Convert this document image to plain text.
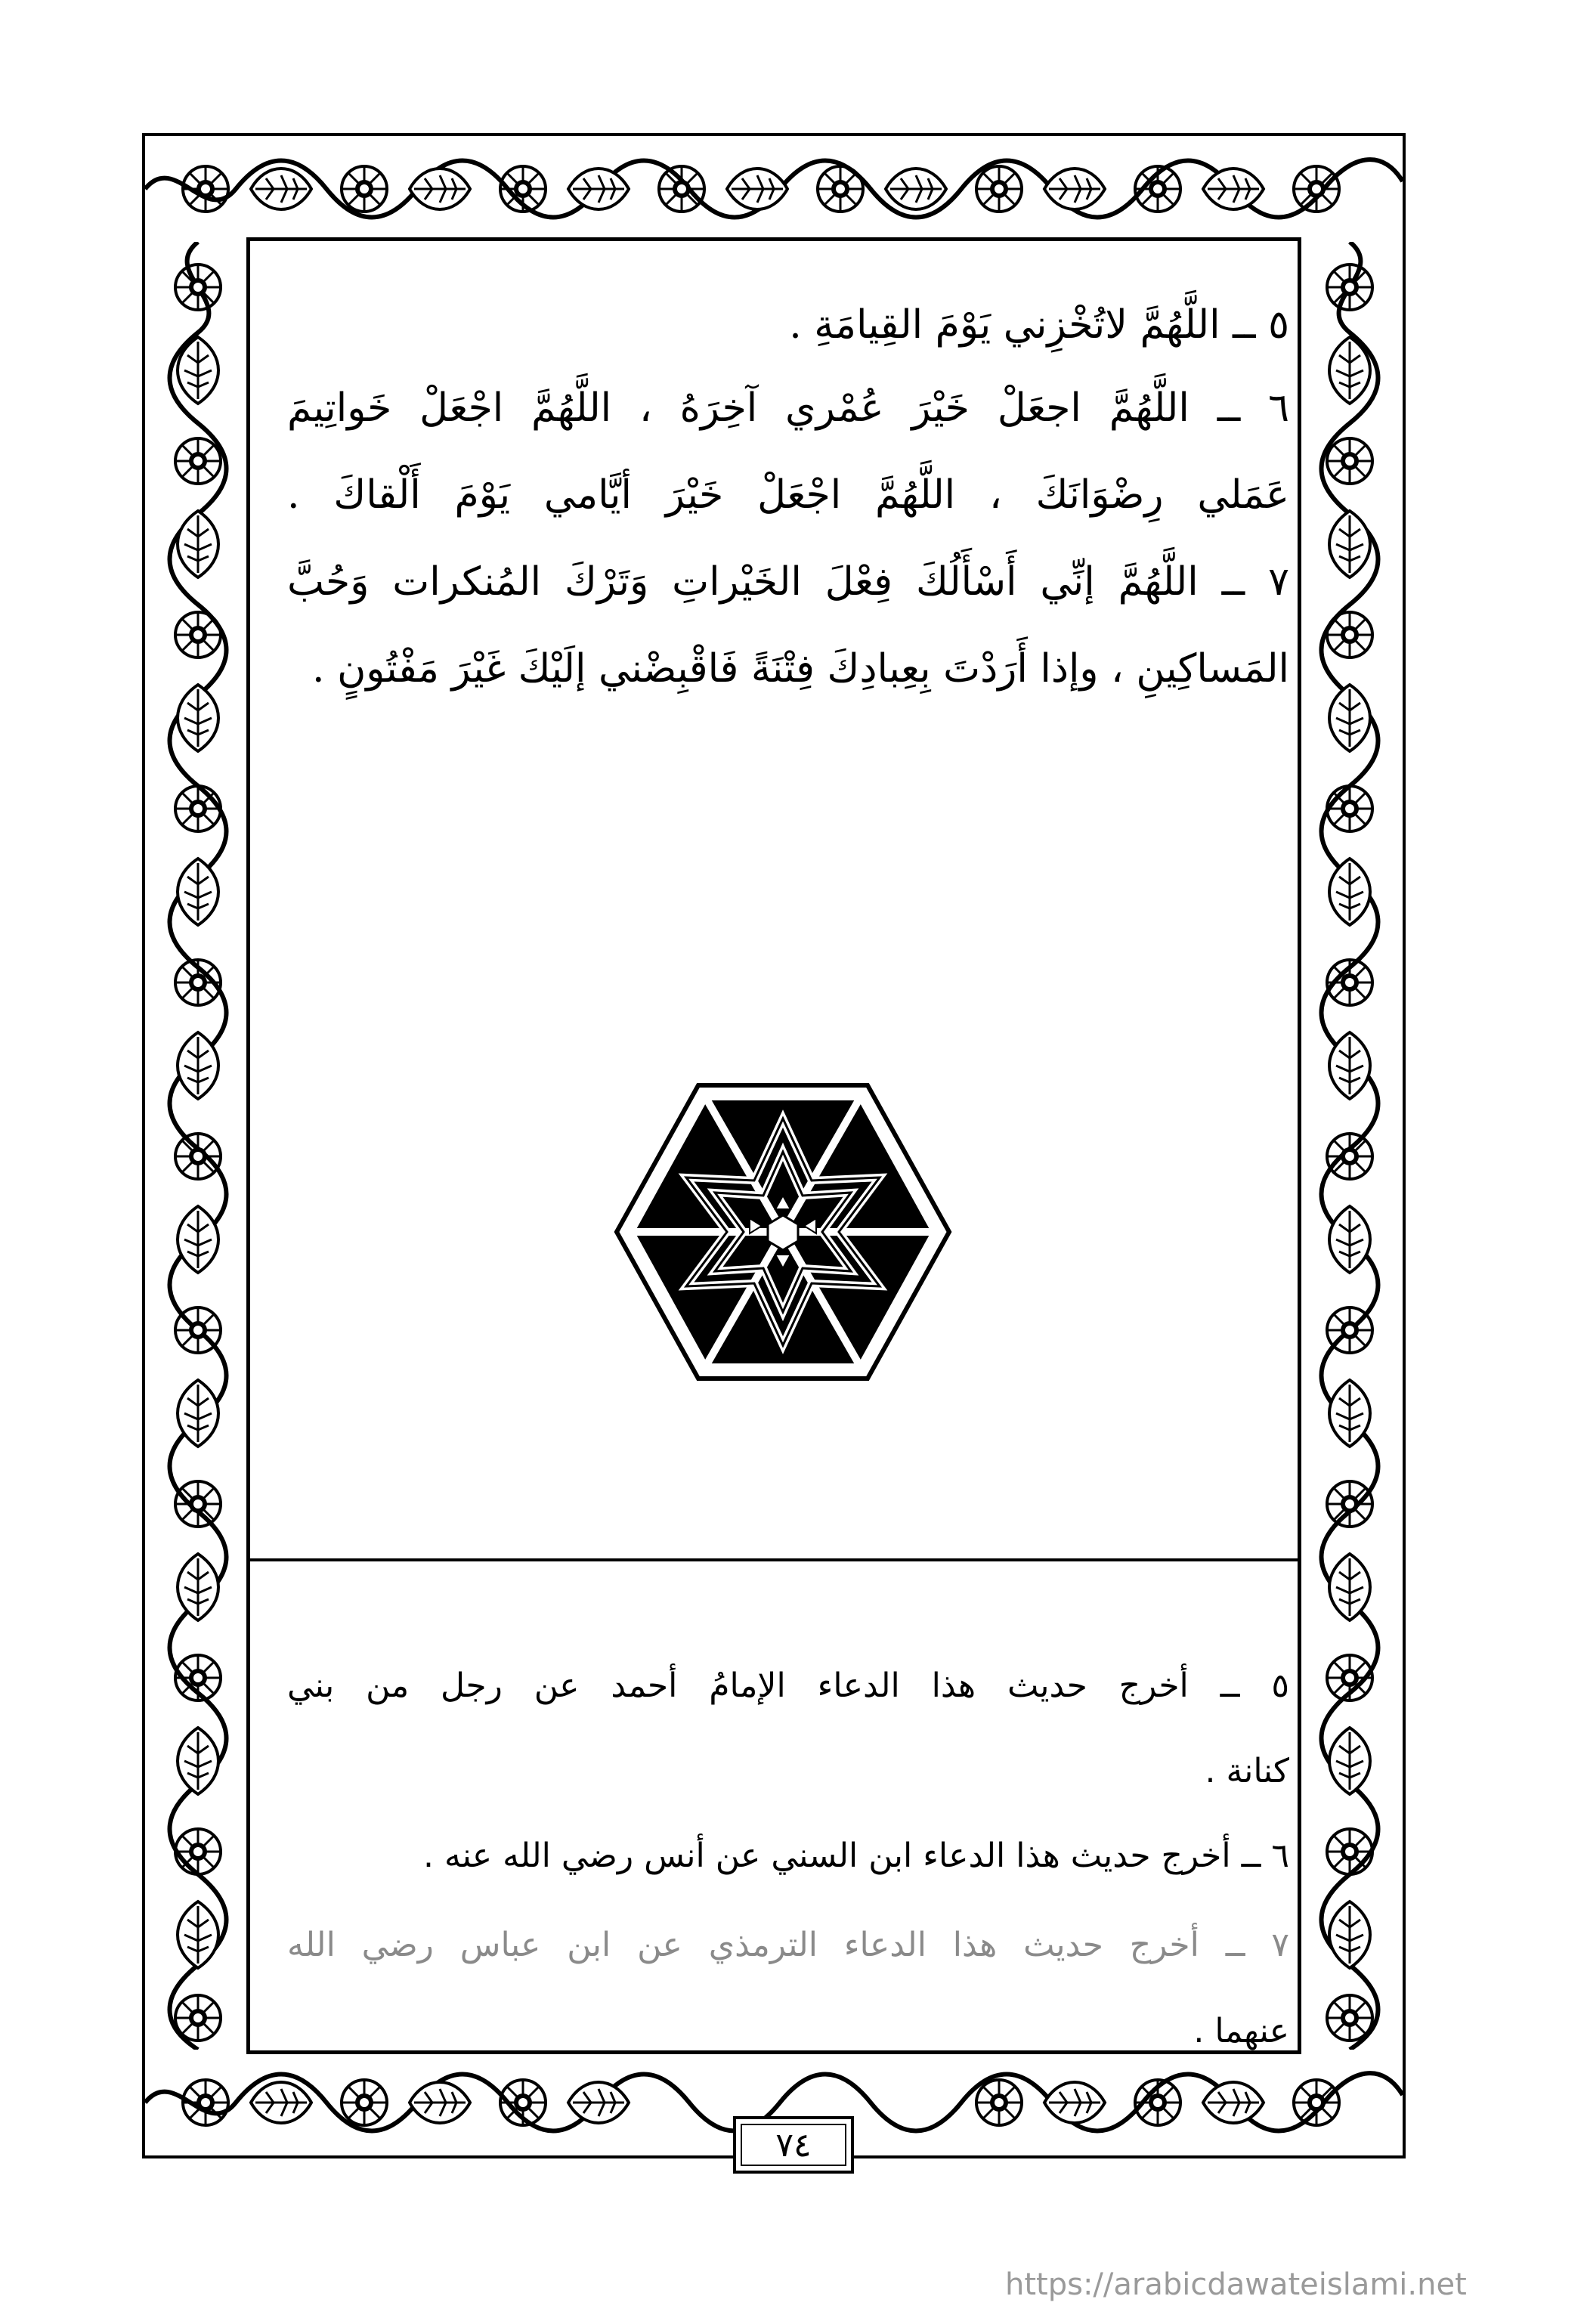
٥ ــ اللَّهُمَّ لاتُخْزِني يَوْمَ القِيامَةِ .
٦ ــ اللَّهُمَّ اجعَلْ خَيْرَ عُمْري آخِرَهُ ، اللَّهُمَّ اجْعَلْ خَواتِيمَ
عَمَلي رِضْوَانَكَ ، اللَّهُمَّ اجْعَلْ خَيْرَ أيَّامي يَوْمَ أَلْقاكَ .
٧ ــ اللَّهُمَّ إنِّي أَسْأَلُكَ فِعْلَ الخَيْراتِ وَتَرْكَ المُنكرات وَحُبَّ
المَساكِينِ ، وإذا أَرَدْتَ بِعِبادِكَ فِتْنَةً فَاقْبِضْني إلَيْكَ غَيْرَ مَفْتُونٍ .
٥ ــ أخرج حديث هذا الدعاء الإمامُ أحمد عن رجل من بني
كنانة .
٦ ــ أخرج حديث هذا الدعاء ابن السني عن أنس رضي الله عنه .
٧ ــ أخرج حديث هذا الدعاء الترمذي عن ابن عباس رضي الله
عنهما .
٧٤
https://arabicdawateislami.net
